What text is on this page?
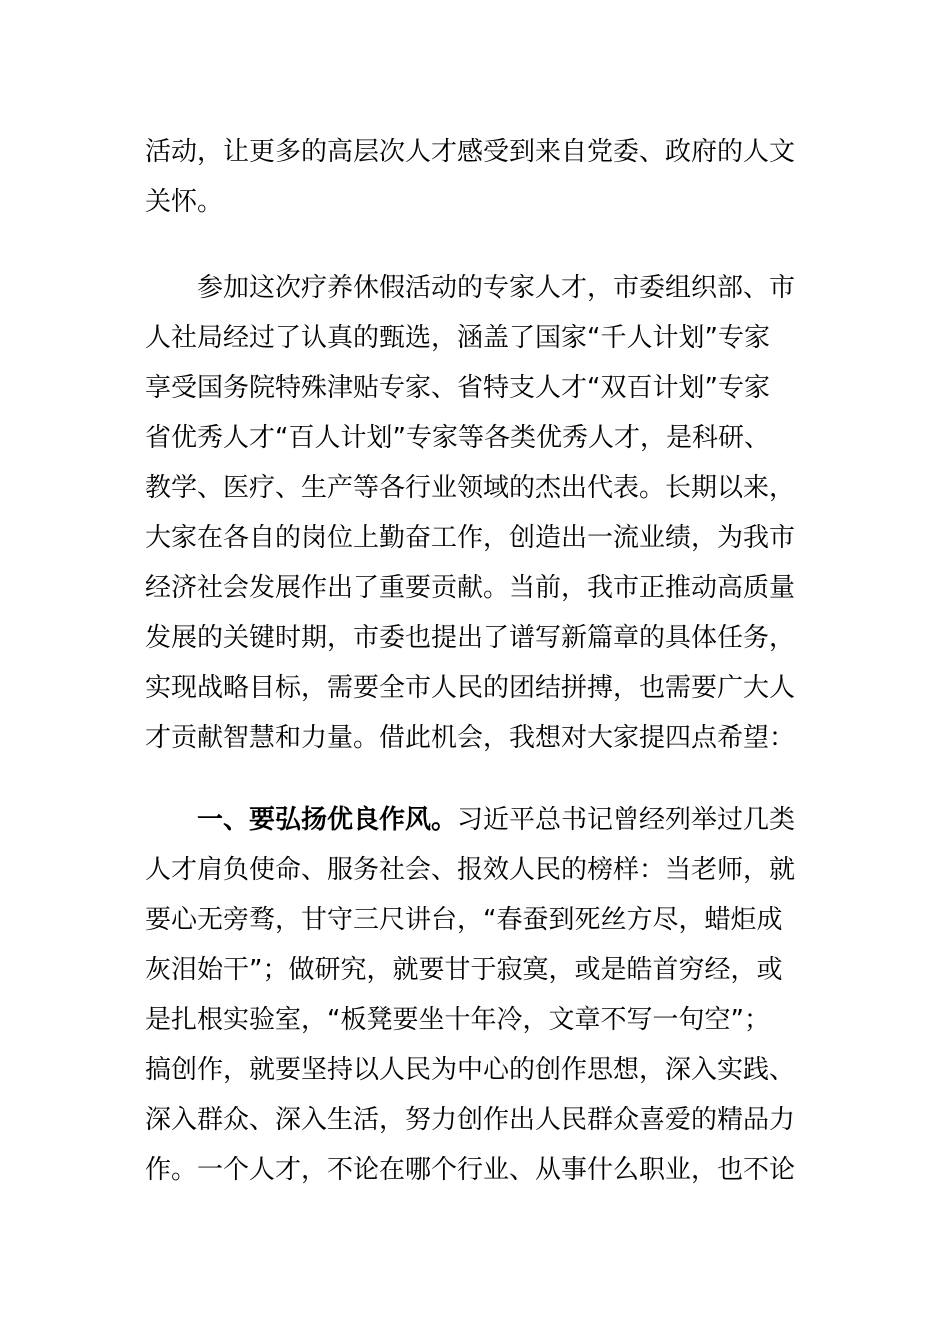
活动，让更多的高层次人才感受到来自党委、政府的人文
关怀。
参加这次疗养休假活动的专家人才，市委组织部、市
人社局经过了认真的甄选，涵盖了国家“千人计划”专家
享受国务院特殊津贴专家、省特支人才“双百计划”专家
省优秀人才“百人计划”专家等各类优秀人才，是科研、
教学、医疗、生产等各行业领域的杰出代表。长期以来，
大家在各自的岗位上勤奋工作，创造出一流业绩，为我市
经济社会发展作出了重要贡献。当前，我市正推动高质量
发展的关键时期，市委也提出了谱写新篇章的具体任务，
实现战略目标，需要全市人民的团结拼搏，也需要广大人
才贡献智慧和力量。借此机会，我想对大家提四点希望：
一、要弘扬优良作风。习近平总书记曾经列举过几类
人才肩负使命、服务社会、报效人民的榜样：当老师，就
要心无旁骛，甘守三尺讲台，“春蚕到死丝方尽，蜡炬成
灰泪始干”；做研究，就要甘于寂寞，或是皓首穷经，或
是扎根实验室，“板凳要坐十年冷，文章不写一句空”；
搞创作，就要坚持以人民为中心的创作思想，深入实践、
深入群众、深入生活，努力创作出人民群众喜爱的精品力
作。一个人才，不论在哪个行业、从事什么职业，也不论
